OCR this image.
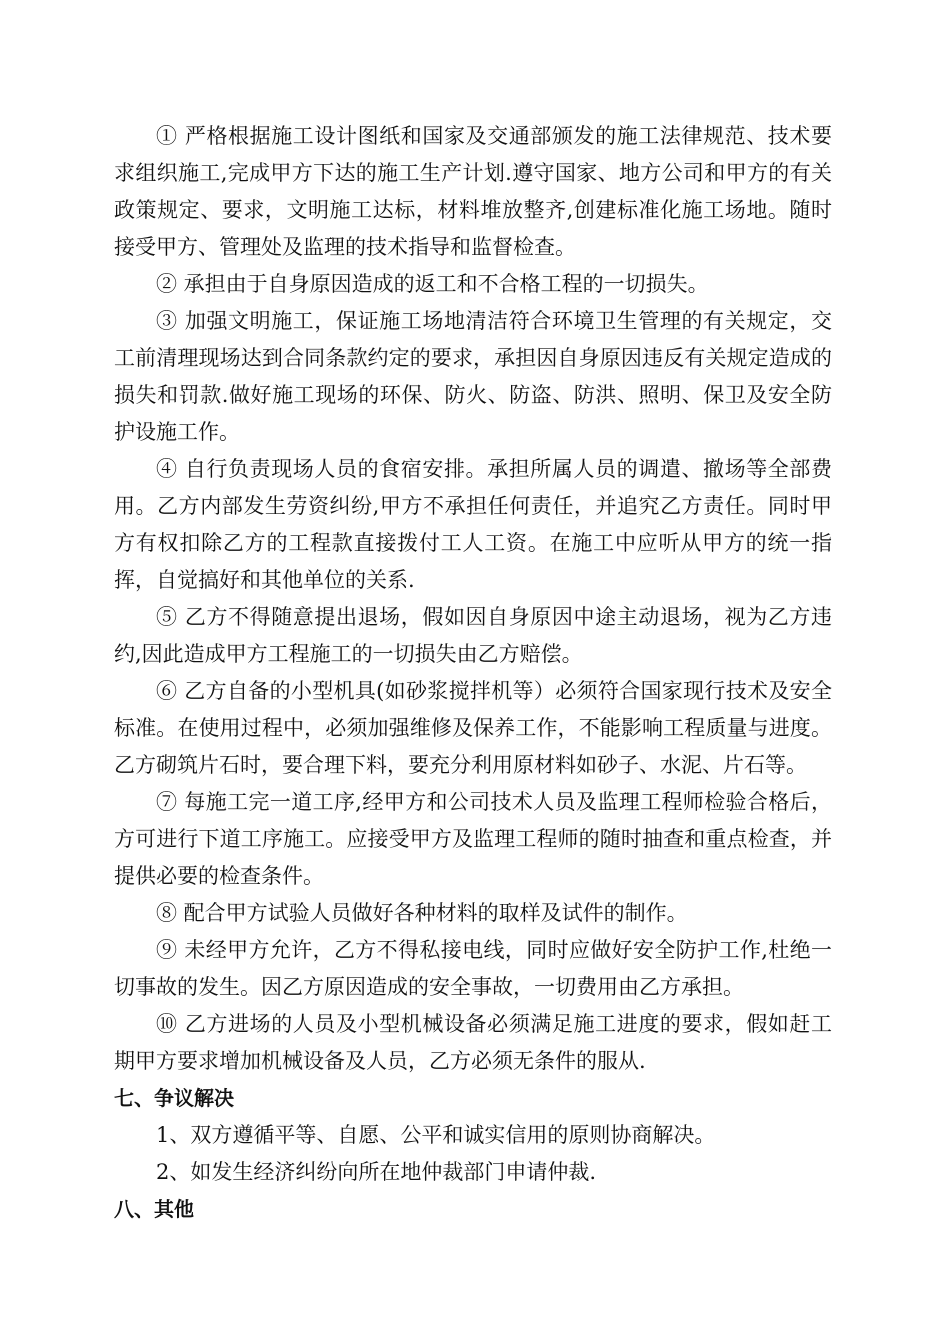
① 严格根据施工设计图纸和国家及交通部颁发的施工法律规范、技术要求组织施工,完成甲方下达的施工生产计划.遵守国家、地方公司和甲方的有关政策规定、要求，文明施工达标，材料堆放整齐,创建标准化施工场地。随时接受甲方、管理处及监理的技术指导和监督检查。

② 承担由于自身原因造成的返工和不合格工程的一切损失。

③ 加强文明施工，保证施工场地清洁符合环境卫生管理的有关规定，交工前清理现场达到合同条款约定的要求，承担因自身原因违反有关规定造成的损失和罚款.做好施工现场的环保、防火、防盗、防洪、照明、保卫及安全防护设施工作。

④ 自行负责现场人员的食宿安排。承担所属人员的调遣、撤场等全部费用。乙方内部发生劳资纠纷,甲方不承担任何责任，并追究乙方责任。同时甲方有权扣除乙方的工程款直接拨付工人工资。在施工中应听从甲方的统一指挥，自觉搞好和其他单位的关系.

⑤ 乙方不得随意提出退场，假如因自身原因中途主动退场，视为乙方违约,因此造成甲方工程施工的一切损失由乙方赔偿。

⑥ 乙方自备的小型机具(如砂浆搅拌机等）必须符合国家现行技术及安全标准。在使用过程中，必须加强维修及保养工作，不能影响工程质量与进度。乙方砌筑片石时，要合理下料，要充分利用原材料如砂子、水泥、片石等。

⑦ 每施工完一道工序,经甲方和公司技术人员及监理工程师检验合格后，方可进行下道工序施工。应接受甲方及监理工程师的随时抽查和重点检查，并提供必要的检查条件。

⑧ 配合甲方试验人员做好各种材料的取样及试件的制作。

⑨ 未经甲方允许，乙方不得私接电线，同时应做好安全防护工作,杜绝一切事故的发生。因乙方原因造成的安全事故，一切费用由乙方承担。

⑩ 乙方进场的人员及小型机械设备必须满足施工进度的要求，假如赶工期甲方要求增加机械设备及人员，乙方必须无条件的服从.

七、争议解决

1、双方遵循平等、自愿、公平和诚实信用的原则协商解决。

2、如发生经济纠纷向所在地仲裁部门申请仲裁.

八、其他
